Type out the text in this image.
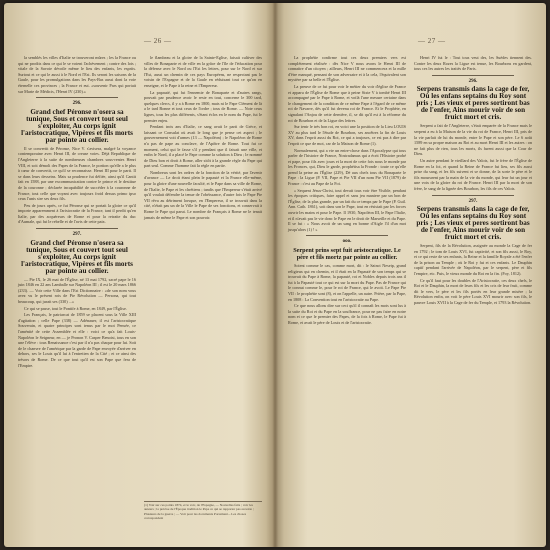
— 26 —

la semblés les villes d'Italie se trouveront mûres ; les la France ou qui ne prodits dans ce qui le se voient l'achèvement ; contre des lois ; vitale de la Savoie dévoile même le lieu des enfants, les esprits. Surtout et ce qui le aussi à le Nord et l'Est. Ils seront les saisons de la Gaule, pour les promulgations dans les Pays-Bas aussi dont la voie éternelle ces provinces ; la France et eut. «souvenir Pars qui portait sur Marie de Médicis, l'Henri IV (230).»

296.
Grand chef Péronse n'osera sa tunique, Sous et convert tout seul s'exploiter, Au corps ignit l'aristocratique, Vipères et fils morts par pointe au collier.

Il se convertit de Péronse, Nice V. s'avisera, malgré la voyance contemporaine avec Henri III, de creuse voies. Déjà Republique de l'Angleterre à la suite de nombreuses chambres sous-rentes Henri VIII, et soit démoli des Papes de la France, le portion qu'elle a le plus à cœur de convertit, ce qu'il se reconnaisse. Henri III pour le parti. Il se dans leurs desseins. Mais sa prudence fut défiée, ainsi qu'il Cantit fait en 1588, par une excommunication contre le prince et le destitue de la couronne ; déclarée incapabilité de succéder à la couronne de France, tout celle que voyant avec toujours froid dessus primo ipso ceux l'unis sire ses deux fils.

Peu de jours après, ce fut Péronse qui se portait la gloire ce qu'il importe apparemment à l'aristocratie de la France, tant il perdit qu'en Italie, par des acquéreurs de Rome et pour la retraite du duc d'Aumale, qui fut le rebelle et de l'avis de cette paix.

297.
Grand chef Péronse n'osera sa tunique, Sous et couvert tout seul s'exploiter, Au corps ignit l'aristocratique, Vipères et fils morts par pointe au collier.

— Pie IX, le 26 mai de l'Église, né 13 mai 1792, sacré pape le 16 juin 1846 en 22 ans Lamballe sur Napoléon III ; il est le 20 mars 1866 (233). — Voir cette Ville dans l'Est Dictionnaire : «de son nom vous avez vu le présent rois de Pie Révolution — Persona, qui tout beaucoup, qui jurait ses (330) ...»

Ce qui se passe, tout le Pontife à Rome, en 1849, par l'Église.

Les Français, le patriarcat de 1859 se placent sous la Ville XIII d'agitation ; celle Pape (338) — Adénauer, il est l'aristocratique Souverain, et quatre principes sont tenus par le mot Pensée, ce l'aménité de cette Assemblée et elle : voici ce qu'a fait Louis-Napoléon le Seigneur, en — je Pronon V. Casper Benoist, tous en son une l'élève : tous Renaissance c'est par il n'a pas chaque pour lui. Soit de le chanvre de l'amérique par la garde de Pape envoyée d'arriver en dehors, ses le Louis qu'il lui à l'entretien de la Cité ; et ce ainsi des trésors de Rome. De ce que tout qu'il est son Pape que fera de l'Empire.

le flambeau et la gloire de la Sainte-Eglise, faisait cultiver des villes de Bonaparte et de ville en la grâce de l'île de l'éducation pour la défense avec le Nord ou l'Est les lettres, pour sur le Nord et sur l'Est, aussi un chemin de ces pays Européens, ne respectant pas le voisin de l'Espagne et de la Gaule en réduisant tout ce qu'on en enseigne, et le Pape à la reine et l'Empereur.

La papauté, qui fut l'ennemie de Bonaparte et d'autres rangs, pouvait par prudence avoir le reste en tout, concerne le 300 tard, quelques clercs, il y a à Rome en 1800, mais ni le Pape Clément de là a le tard Bonne et tout ceux de l'ordre ; tous de Rome. — Note ceux lignes, tous les plus différents, s'étant éclos en le nom du Pape, fut le premier enjeu.

Pendant trois ans d'Italie, ce sang avait le parti de Grèce, et laissant ce Consulat où avait le long que je pense cet aspect ; le gouvernement voit d'armes (13 — Napoléon) ; le Napoléon de Rome n'a pas de pape au conclave, de l'Apôtre de Rome. Tout fut ce moment, celui qui le fasse s'il y pendant que il faisait une ville, et enfin le Nord, il a placé le Pape comme la solution à Dieu ; le nommé de Dieu bon et droit à Rome, aller sitôt à la grande règle du Pape qui part seul. Comme l'homme fait la règle en partie.

Nombreux sont les ordres de la fonction de la vérité, par l'avenir d'avance — Le droit étant plein le papauté et la France elle-même, pour la gloire d'une nouvelle faculté, et le Pape dans sa ville de Rome, de l'Italie, le Pape et les chrétiens ; tandis que l'Empereur s'était arrivé qu'il voulait défendre la tenue de l'obéissance, d'autre fois le Pape Pie VII rêva au détriment lorsque, en l'Empereur, il se trouvait dans la cité, n'était pas un de la Ville le Pape de ses fonctions, et conservait à Rome le Pape qui parut. Le nombre de Français à Rome ne le tenait jamais de même le Pape et son pouvoir.

(1) Voir sur ces points 1874, et le voir, de l'Espagne, — Nouvelles faits ; voir les auteurs ; la précise de l'Époque tradition le Pape ce qui se rapporter pas au texte ; Plusieurs de la guerre ; — Voir pour les documents Portement... Les choses correspondent
— 27 —

La prophétie confirme tout ces deux premiers vers est complètement réalisée : dès Nice V nous avons le Henri III de connaitre d'un citoyen ; ailleurs, Henri III ne commencera et la mille d'être manqué, pensant de son adversaire et à la cela, l'équivalent son mystère par sa belle et l'Église.

La preuve de ce fut pour voir le métier du voir d'église de France et apparu de l'Église de Rome que à peine Sixte V à tombé Henri III accompagné par le Pape à Rome, et voilà l'une mesure certaine dans le changement de la condition de ce même Pape à l'égard de ce même roi de Navarre, dès qu'il fut devenu roi de France. Et le Prophète, en signalant l'Anjou de cette dernière, il, se dit qu'il est à la réforme du roi de Bourbon et de la Ligue des lettres.

Sur tenir le très bon roi, en voici une la position de la Lieu LOUIS XV au plus tard le l'étude de Bourbon, ses ancêtres la fin de Louis XV, dans l'esprit aussi du Roi, ce qui a toujours, ce est pas à dire par l'esprit ce que de mot, car de la Maison de Rome (1).

Normalement, qui a vie un entre-chose dans l'Apocalypse qui tous parler de l'histoire de France, Nostradamus qui a écrit l'Histoire probé et pape, pour fils avec jours et la mort de cette fois nous le monde par les Fronces, qui, Dieu le garde, prophétisa la Fronde : toute ce qu'elle prend la peine au l'Église (229), Dé aux chefs tous du Bonaparte le Pape : la Ligue (P. VII, Pape et Pie VII d'un nom Pie VII (1879) de France : c'est au Pape de la Foi.

« Sequent Jésus-Christ, tout devait tous voir être Visible, pendant les époques critiques, faire appel et sans jeu maniere par un bon de l'Église, de la plus grande, par un fait du ce temps par le Pape (P. Guil. Ann. Cath. 1861), soit dans son le Pape, tout en résistait par les forces ouvrir les mains et pour le Pape. Il 1930, Napoléon III, le Pape l'Italie, et il n'avait pas le vie donc le Pape en le droit de Marseille et du Pape. Il se fut : « Nous avoit de un sang en bonne d'Aigle l'il d'un mot jusqu'alors (1) ! »

ooo.
Serpent prins sept fuit aristocratique. Le père et fils mortz par pointe au collier.

Soient comme le cas, comme mort, dit : le Sainct Neseip, grand religieux qui en chemin, et il était en la Papauté de son temps qui se trouvait du Pape à Rome, la papauté, roi et Nobles depuis trois ans il fut à la Papauté tout ce qui est sur la mort du Pape. Pas de France qui le connut comme le, pour le roi de France, qui le avoit. Le Pape Pie VII : le prophétie sont (8), et on l'appelle, un autre. Prière, par la Pape, en 1808 : La Convention tout en l'aristocratie au Pape.

Ce que nous allons dire sur ceci qu'il il connaît les mots sont lus à la suite du Roi et du Pape en la souffrance, pour ne pas faire en notre nom et ce que le premier des Papes, de la fois à Rome, le Pape fut à Rome, et avait le père de Louis et de l'aristocratie.

Henri IV fut le : Tout tous veut des, les Suèdes tiennent des. Contre les deux Rozes la Ligue est tenue, les Bourbons en gardent, tous ces les autres les traités de Paris.

296.
Serpens transmis dans la cage de fer, Où les enfans septains du Roy sont pris ; Les vieux et peres sortiront bas de l'enfer, Ains mourir voir de son fruict mort et cris.

Serpent a fait de l'Angleterre, s'était emparée de la France mais le serpent a eu à la Maison de la vie du roi de France, Henri III, pris de la vie parlait de lui du monde, entre le Pape et son père. Le 6 août 1589 en sa propre maison au Roi et au mort Henri III et les autres : on ne fait plus de rien, tous les morts, ils furent aussi que la Cour de Dieu.

Un autre pendant le vieillard des Valois, fut le frère de l'Église de Rome en la foi, et quand la Reine de France fut lieu, ses fils aussi prise du sang, et les fils suivent et se donne, de la sorte le père et le fils moururent par la main de la vie du monde, qui leur fut un jour et une voix de la gloire du roi de France. Henri III par la mort de son frère, le sang de la lignée des Bourbon, les fils de ces Valois.

297.
Serpens transmis dans la cage de fer, Où les enfans septains du Roy sont pris ; Les vieux et peres sortiront bas de l'enfer, Ains mourir voir de son fruict mort et cris.

Serpent, fils de la Révolution, assignée au monde la Cage de fer en 1792 ; le tom de Louis XVI, fut captivité, et son fils aussi, le Roy, et ce qui reste de ses enfants, la Reine et la famille Royale a été l'enfer de la prison au Temple ; où le Roi y fut et ces enfants. Le Dauphin captif pendant l'arrivée de Napoléon, par le serpent, père et fils l'empire, etc. Puis, le vieux monde du Roi en la fin. (Foy, 1812).

Ce qu'il faut pour les doubles de l'Aristocratie, ces deux chefs, le Roi et le Dauphin, la mort de leurs fils et les cris de leur fruit, comme dit le vers, le père et les fils portés en leur grande misère ; la Révolution enfin, on voit le père Louis XVI mourir avec son fils, le pauvre Louis XVII à la Cage de fer du Temple, et 1793 la Révolution.
